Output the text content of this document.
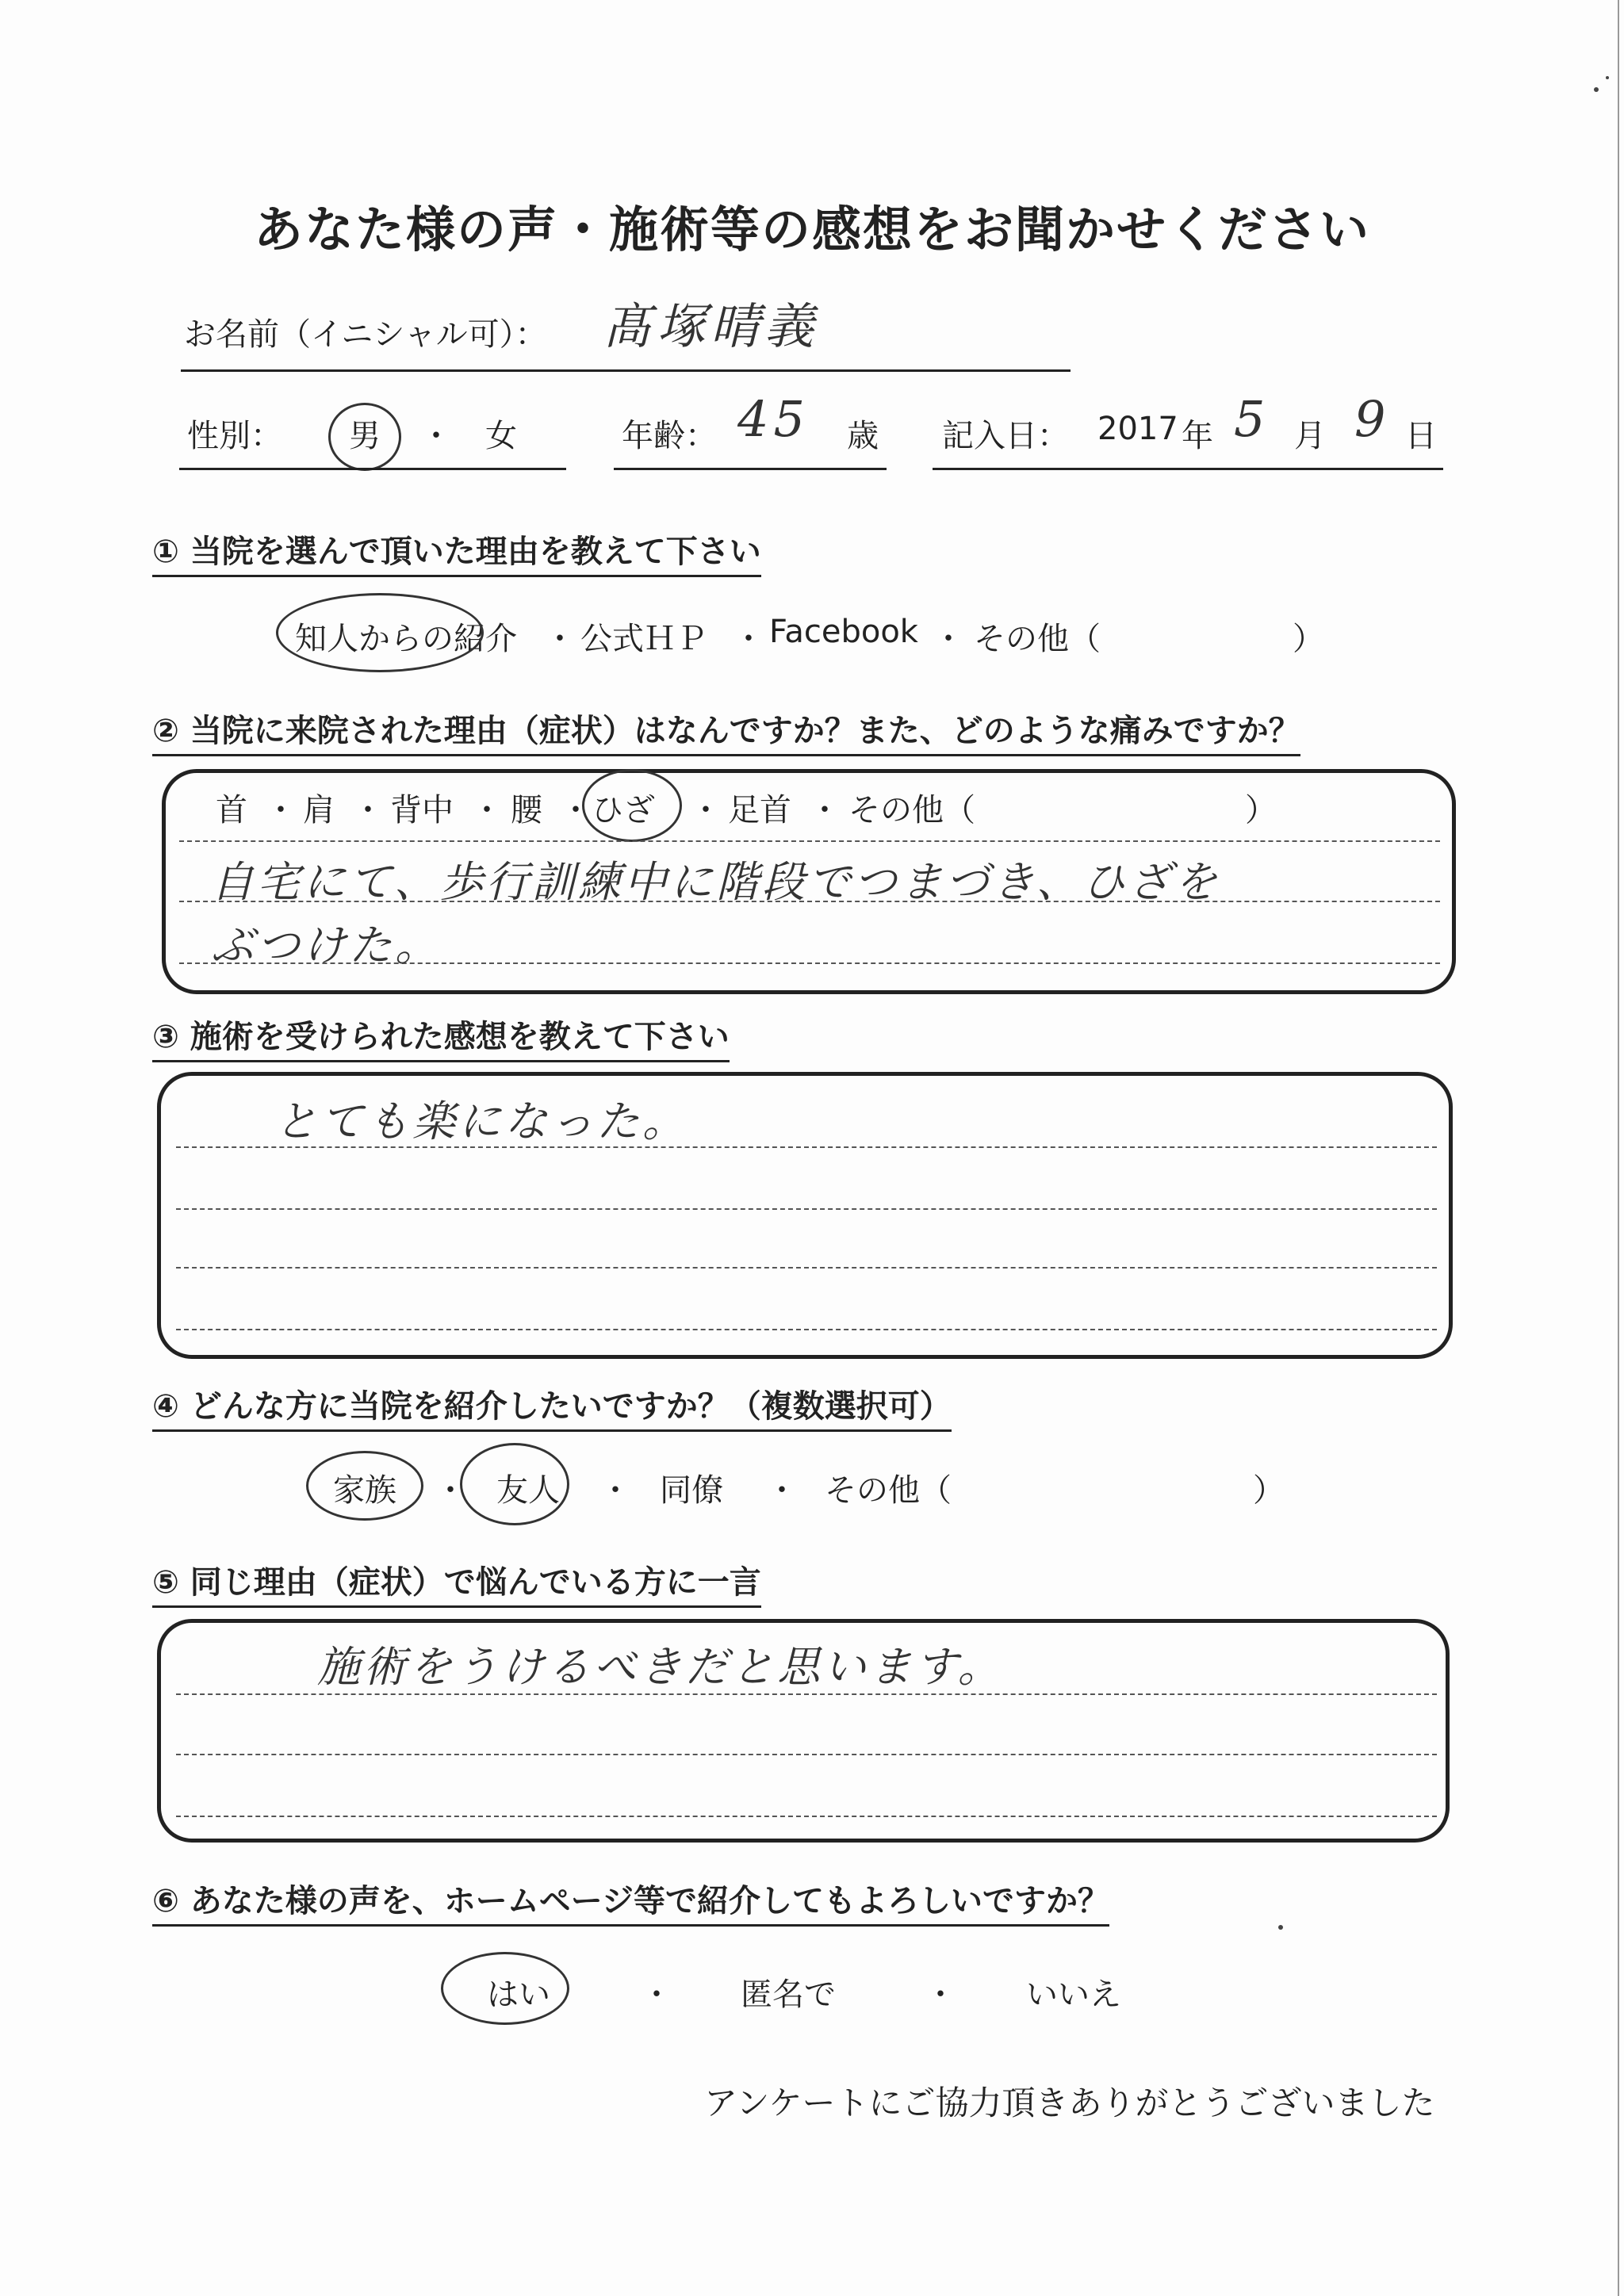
あなた様の声・施術等の感想をお聞かせください
お名前（イニシャル可）： 髙塚晴義
性別： 男 ・ 女	年齢： 45 歳 記入日： 2017 年 5 月 9 日
① 当院を選んで頂いた理由を教えて下さい
知人からの紹介 ・ 公式ＨＰ ・ Facebook ・ その他（	）
② 当院に来院された理由（症状）はなんですか？また、どのような痛みですか？
首 ・ 肩 ・ 背中 ・ 腰 ・ ひざ ・ 足首 ・ その他（	）
自宅にて、歩行訓練中に階段でつまづき、ひざを
ぶつけた。
③ 施術を受けられた感想を教えて下さい
とても楽になった。
④ どんな方に当院を紹介したいですか？（複数選択可）
家族 ・ 友人 ・ 同僚 ・ その他（	）
⑤ 同じ理由（症状）で悩んでいる方に一言
施術をうけるべきだと思います。
⑥ あなた様の声を、ホームページ等で紹介してもよろしいですか？
はい	・ 匿名で	・ いいえ
アンケートにご協力頂きありがとうございました
